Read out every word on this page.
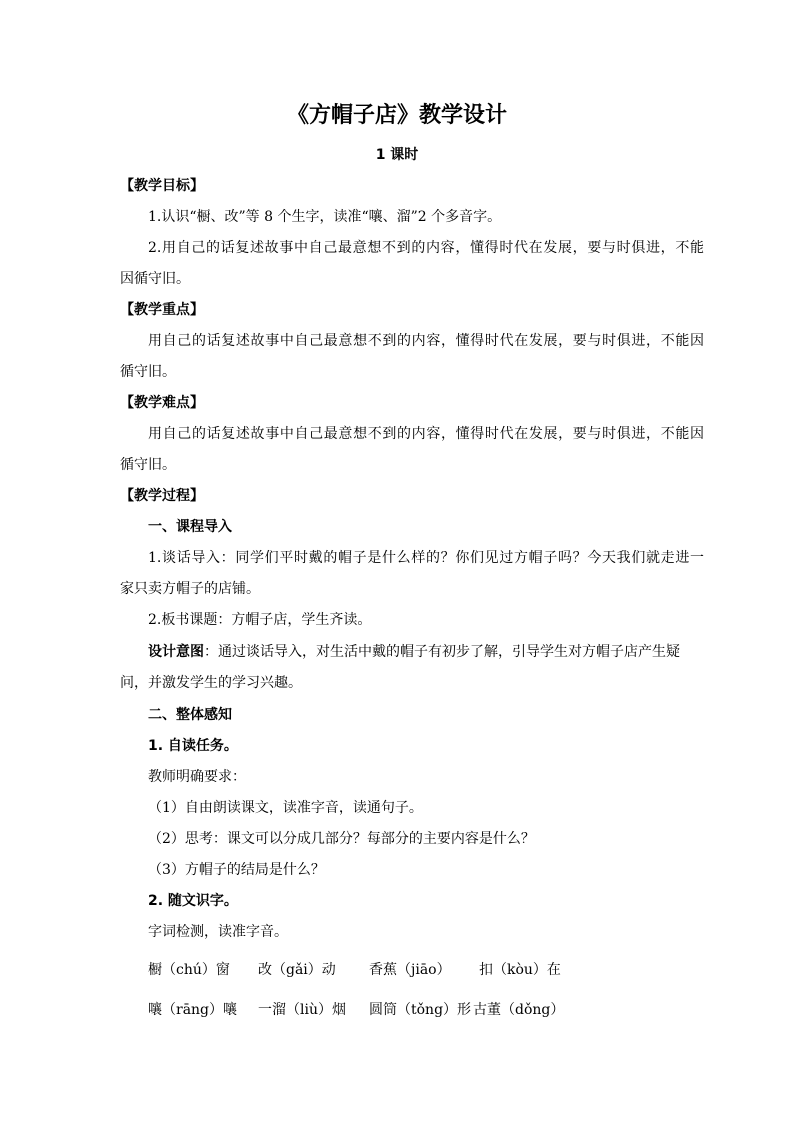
《方帽子店》教学设计
1 课时
【教学目标】
1.认识“橱、改”等 8 个生字，读准“嚷、溜”2 个多音字。
2.用自己的话复述故事中自己最意想不到的内容，懂得时代在发展，要与时俱进，不能
因循守旧。
【教学重点】
用自己的话复述故事中自己最意想不到的内容，懂得时代在发展，要与时俱进，不能因
循守旧。
【教学难点】
用自己的话复述故事中自己最意想不到的内容，懂得时代在发展，要与时俱进，不能因
循守旧。
【教学过程】
一、课程导入
1.谈话导入：同学们平时戴的帽子是什么样的？你们见过方帽子吗？今天我们就走进一
家只卖方帽子的店铺。
2.板书课题：方帽子店，学生齐读。
设计意图：通过谈话导入，对生活中戴的帽子有初步了解，引导学生对方帽子店产生疑
问，并激发学生的学习兴趣。
二、整体感知
1. 自读任务。
教师明确要求：
（1）自由朗读课文，读准字音，读通句子。
（2）思考：课文可以分成几部分？每部分的主要内容是什么？
（3）方帽子的结局是什么？
2. 随文识字。
字词检测，读准字音。
橱（chú）窗 改（gǎi）动 香蕉（jiāo） 扣（kòu）在
嚷（rāng）嚷 一溜（liù）烟 圆筒（tǒng）形 古董（dǒng）
